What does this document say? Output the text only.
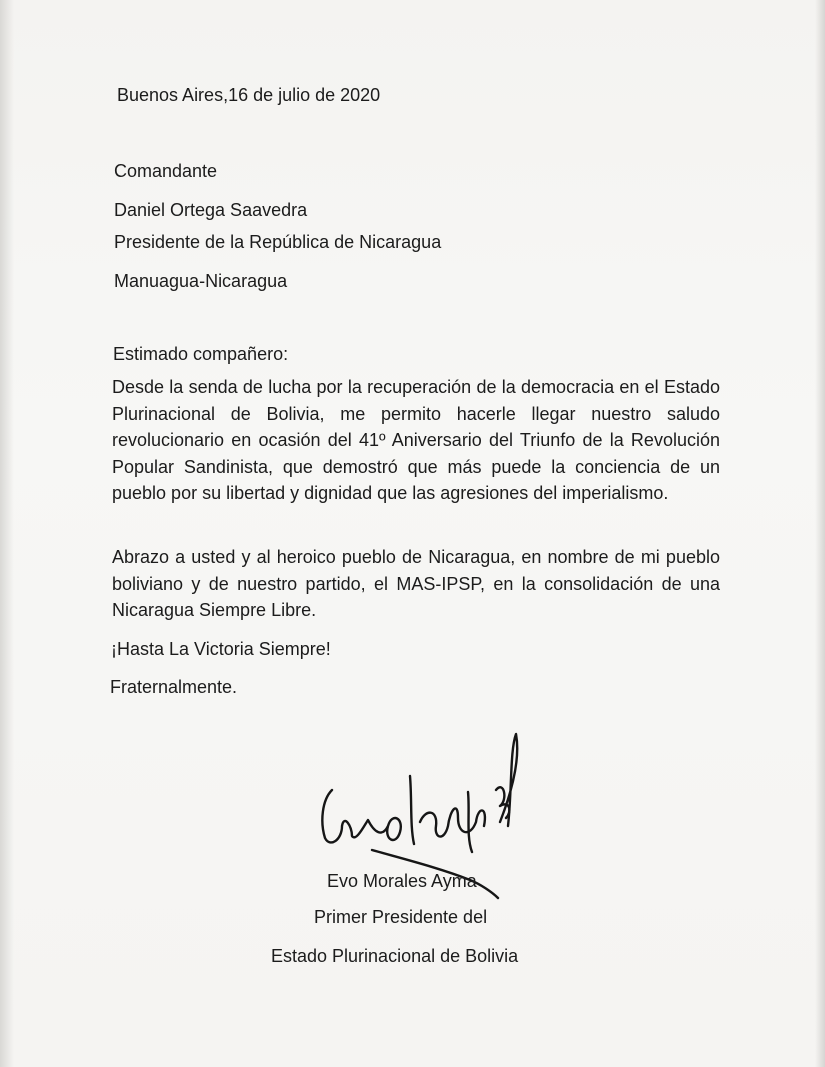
Buenos Aires,16 de julio de 2020
Comandante
Daniel Ortega Saavedra
Presidente de la República de Nicaragua
Manuagua-Nicaragua
Estimado compañero:
Desde la senda de lucha por la recuperación de la democracia en el Estado Plurinacional de Bolivia, me permito hacerle llegar nuestro saludo revolucionario en ocasión del 41º Aniversario del Triunfo de la Revolución Popular Sandinista, que demostró que más puede la conciencia de un pueblo por su libertad y dignidad que las agresiones del imperialismo.
Abrazo a usted y al heroico pueblo de Nicaragua, en nombre de mi pueblo boliviano y de nuestro partido, el MAS-IPSP, en la consolidación de una Nicaragua Siempre Libre.
¡Hasta La Victoria Siempre!
Fraternalmente.
Evo Morales Ayma
Primer Presidente del
Estado Plurinacional de Bolivia
